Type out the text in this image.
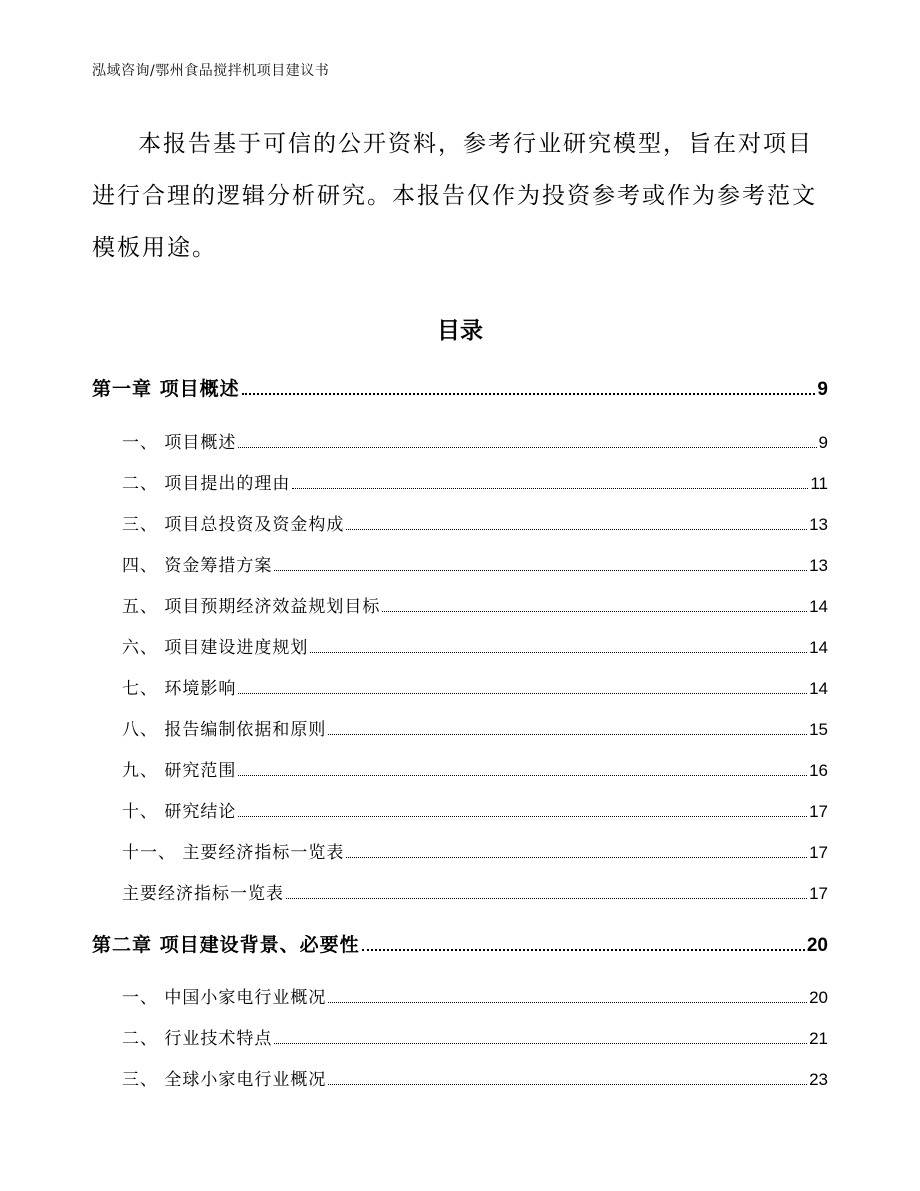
泓域咨询/鄂州食品搅拌机项目建议书
本报告基于可信的公开资料，参考行业研究模型，旨在对项目进行合理的逻辑分析研究。本报告仅作为投资参考或作为参考范文模板用途。
目录
第一章 项目概述	9
一、 项目概述	9
二、 项目提出的理由	11
三、 项目总投资及资金构成	13
四、 资金筹措方案	13
五、 项目预期经济效益规划目标	14
六、 项目建设进度规划	14
七、 环境影响	14
八、 报告编制依据和原则	15
九、 研究范围	16
十、 研究结论	17
十一、 主要经济指标一览表	17
主要经济指标一览表	17
第二章 项目建设背景、必要性	20
一、 中国小家电行业概况	20
二、 行业技术特点	21
三、 全球小家电行业概况	23
